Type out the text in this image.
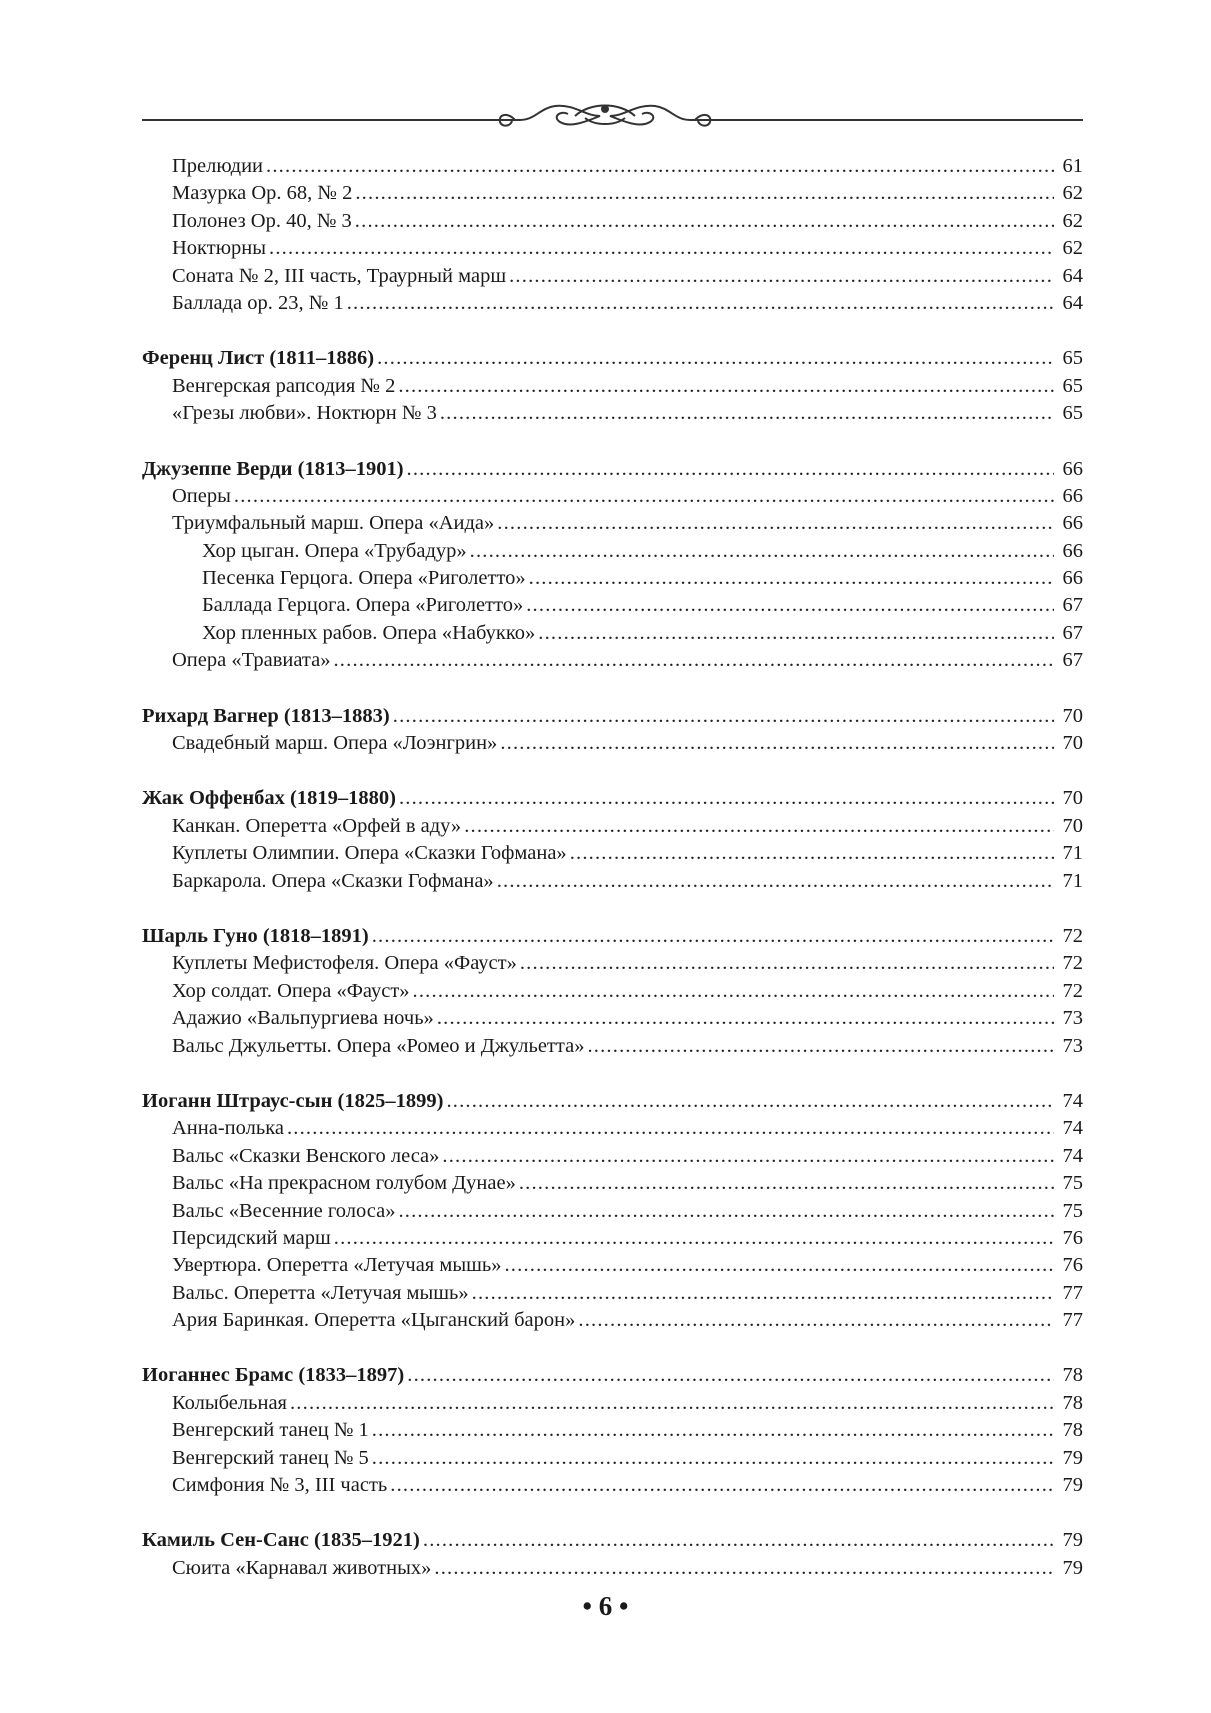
Прелюдии .....	61
Мазурка Ор. 68, № 2 .....	62
Полонез Ор. 40, № 3 .....	62
Ноктюрны .....	62
Соната № 2, III часть, Траурный марш .....	64
Баллада ор. 23, № 1 .....	64
Ференц Лист (1811–1886) .....	65
Венгерская рапсодия № 2 .....	65
«Грезы любви». Ноктюрн № 3 .....	65
Джузеппе Верди (1813–1901) .....	66
Оперы .....	66
Триумфальный марш. Опера «Аида» .....	66
Хор цыган. Опера «Трубадур» .....	66
Песенка Герцога. Опера «Риголетто» .....	66
Баллада Герцога. Опера «Риголетто» .....	67
Хор пленных рабов. Опера «Набукко» .....	67
Опера «Травиата» .....	67
Рихард Вагнер (1813–1883) .....	70
Свадебный марш. Опера «Лоэнгрин» .....	70
Жак Оффенбах (1819–1880) .....	70
Канкан. Оперетта «Орфей в аду» .....	70
Куплеты Олимпии. Опера «Сказки Гофмана» .....	71
Баркарола. Опера «Сказки Гофмана» .....	71
Шарль Гуно (1818–1891) .....	72
Куплеты Мефистофеля. Опера «Фауст» .....	72
Хор солдат. Опера «Фауст» .....	72
Адажио «Вальпургиева ночь» .....	73
Вальс Джульетты. Опера «Ромео и Джульетта» .....	73
Иоганн Штраус-сын (1825–1899) .....	74
Анна-полька .....	74
Вальс «Сказки Венского леса» .....	74
Вальс «На прекрасном голубом Дунае» .....	75
Вальс «Весенние голоса» .....	75
Персидский марш .....	76
Увертюра. Оперетта «Летучая мышь» .....	76
Вальс. Оперетта «Летучая мышь» .....	77
Ария Баринкая. Оперетта «Цыганский барон» .....	77
Иоганнес Брамс (1833–1897) .....	78
Колыбельная .....	78
Венгерский танец № 1 .....	78
Венгерский танец № 5 .....	79
Симфония № 3, III часть .....	79
Камиль Сен-Санс (1835–1921) .....	79
Сюита «Карнавал животных» .....	79
• 6 •
